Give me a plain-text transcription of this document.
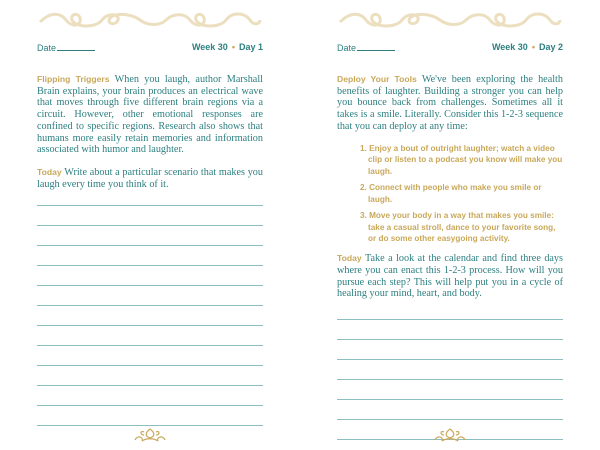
Date	Week 30 • Day 1

Flipping Triggers When you laugh, author Marshall Brain explains, your brain produces an electrical wave that moves through five different brain regions via a circuit. However, other emotional responses are confined to specific regions. Research also shows that humans more easily retain memories and information associated with humor and laughter.

Today Write about a particular scenario that makes you laugh every time you think of it.

Date	Week 30 • Day 2

Deploy Your Tools We've been exploring the health benefits of laughter. Building a stronger you can help you bounce back from challenges. Sometimes all it takes is a smile. Literally. Consider this 1-2-3 sequence that you can deploy at any time:

1. Enjoy a bout of outright laughter; watch a video clip or listen to a podcast you know will make you laugh.
2. Connect with people who make you smile or laugh.
3. Move your body in a way that makes you smile: take a casual stroll, dance to your favorite song, or do some other easygoing activity.

Today Take a look at the calendar and find three days where you can enact this 1-2-3 process. How will you pursue each step? This will help put you in a cycle of healing your mind, heart, and body.
